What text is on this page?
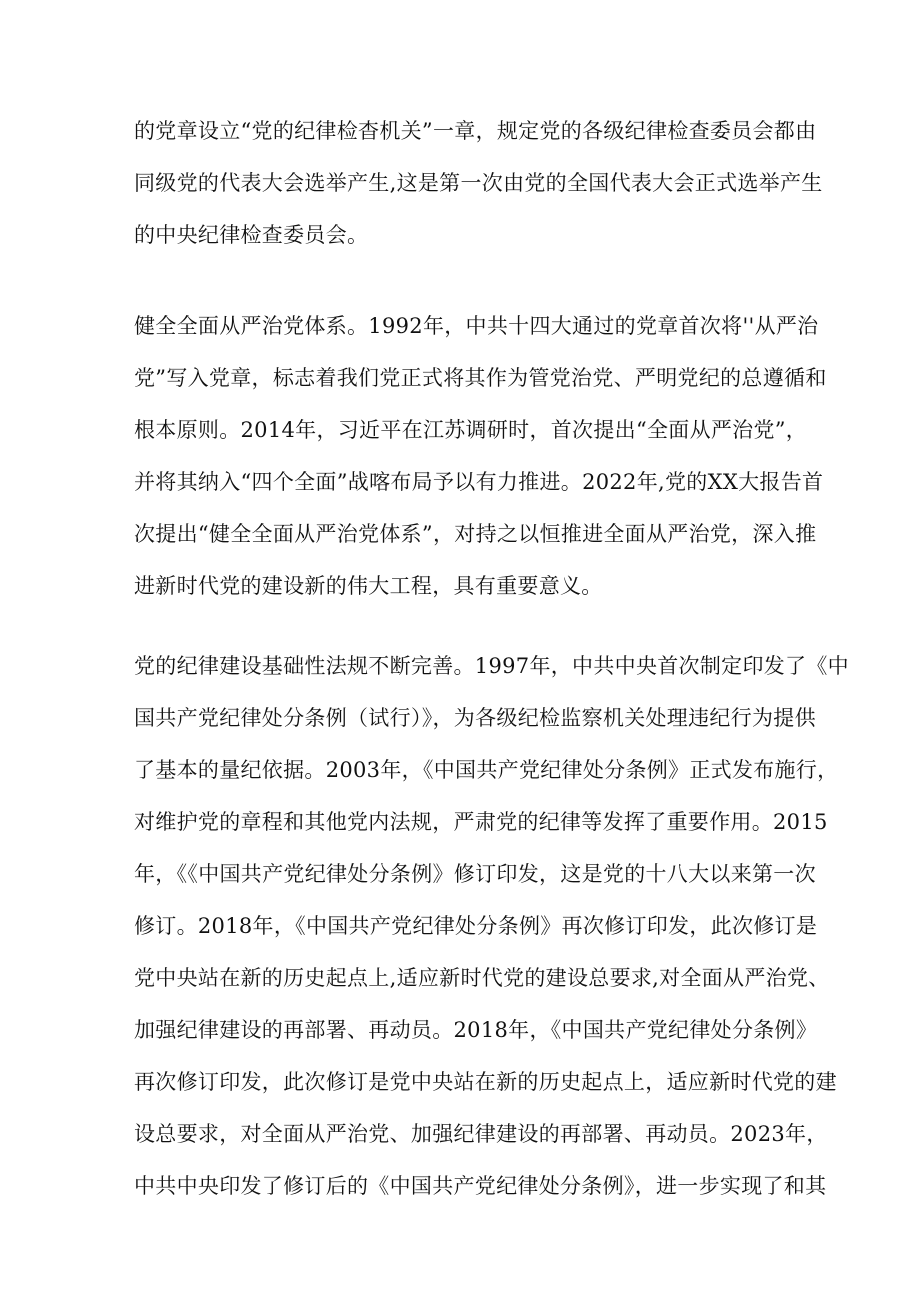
的党章设立“党的纪律检杳机关”一章，规定党的各级纪律检查委员会都由
同级党的代表大会选举产生,这是第一次由党的全国代表大会正式选举产生
的中央纪律检查委员会。

健全全面从严治党体系。1992年，中共十四大通过的党章首次将''从严治
党”写入党章，标志着我们党正式将其作为管党治党、严明党纪的总遵循和
根本原则。2014年，习近平在江苏调研时，首次提出“全面从严治党”，
并将其纳入“四个全面”战喀布局予以有力推进。2022年,党的XX大报告首
次提出“健全全面从严治党体系”，对持之以恒推进全面从严治党，深入推
进新时代党的建设新的伟大工程，具有重要意义。

党的纪律建设基础性法规不断完善。1997年，中共中央首次制定印发了《中
国共产党纪律处分条例（试行）》，为各级纪检监察机关处理违纪行为提供
了基本的量纪依据。2003年，《中国共产党纪律处分条例》正式发布施行，
对维护党的章程和其他党内法规，严肃党的纪律等发挥了重要作用。2015
年，《《中国共产党纪律处分条例》修订印发，这是党的十八大以来第一次
修订。2018年，《中国共产党纪律处分条例》再次修订印发，此次修订是
党中央站在新的历史起点上,适应新时代党的建设总要求,对全面从严治党、
加强纪律建设的再部署、再动员。2018年，《中国共产党纪律处分条例》
再次修订印发，此次修订是党中央站在新的历史起点上，适应新时代党的建
设总要求，对全面从严治党、加强纪律建设的再部署、再动员。2023年，
中共中央印发了修订后的《中国共产党纪律处分条例》，进一步实现了和其
